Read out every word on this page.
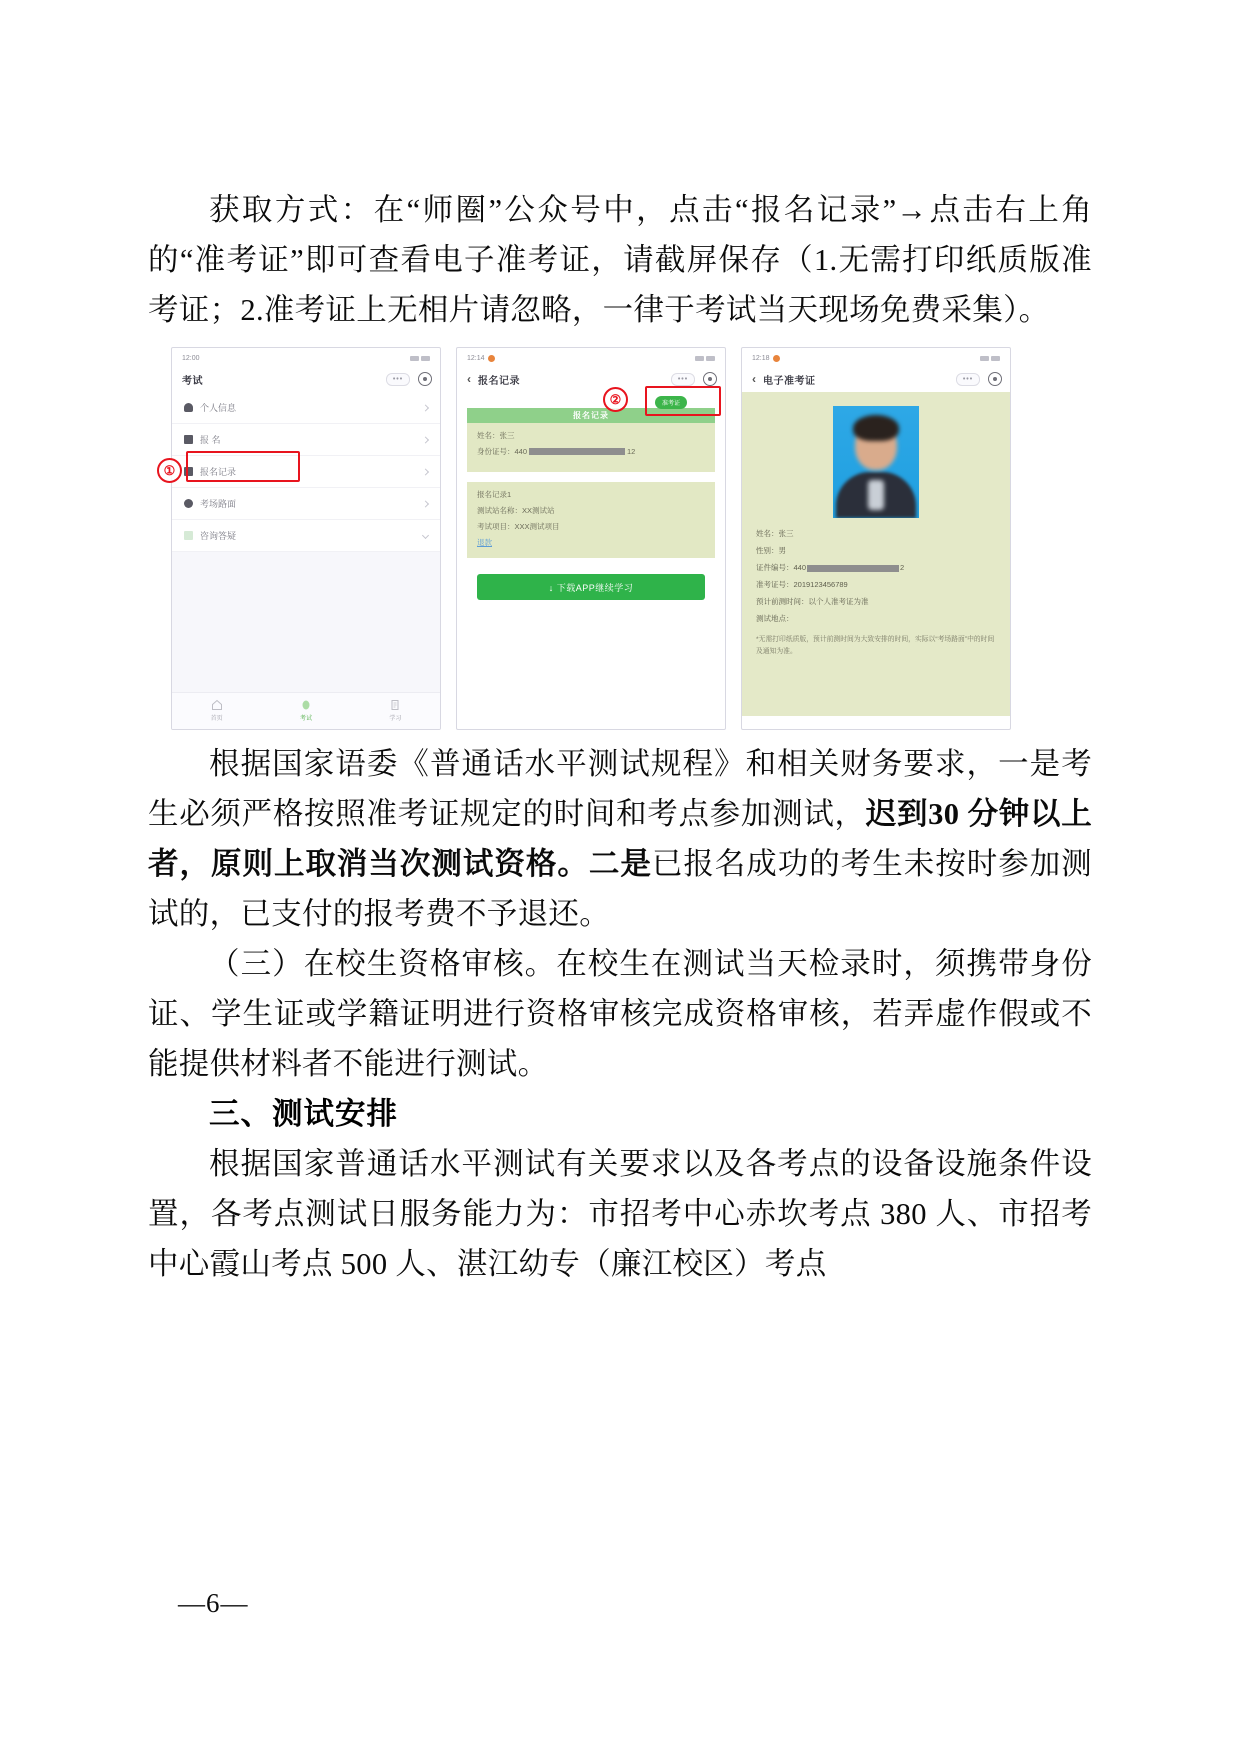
获取方式：在“师圈”公众号中，点击“报名记录”→点击右上角的“准考证”即可查看电子准考证，请截屏保存（1.无需打印纸质版准考证；2.准考证上无相片请忽略，一律于考试当天现场免费采集）。

12:00
考试	•••
个人信息
报 名
报名记录
考场路面
咨询答疑
首页	考试	学习
①
12:14
‹ 报名记录	•••
报名记录
姓名： 张三
身份证号： 440	12
报名记录1
测试站名称： XX测试站
考试项目： XXX测试项目
退款
↓ 下载APP继续学习
准考证
②
12:18
‹ 电子准考证	•••
姓名：张三
性别：男
证件编号：440	2
准考证号：2019123456789
预计前测时间：以个人准考证为准
测试地点：
*无需打印纸质版，预计前测时间为大致安排的时间，实际以“考场路面”中的时间及通知为准。

根据国家语委《普通话水平测试规程》和相关财务要求，一是考生必须严格按照准考证规定的时间和考点参加测试，迟到30 分钟以上者，原则上取消当次测试资格。二是已报名成功的考生未按时参加测试的，已支付的报考费不予退还。

（三）在校生资格审核。在校生在测试当天检录时，须携带身份证、学生证或学籍证明进行资格审核完成资格审核，若弄虚作假或不能提供材料者不能进行测试。

三、测试安排

根据国家普通话水平测试有关要求以及各考点的设备设施条件设置，各考点测试日服务能力为：市招考中心赤坎考点 380 人、市招考中心霞山考点 500 人、湛江幼专（廉江校区）考点

—6—
